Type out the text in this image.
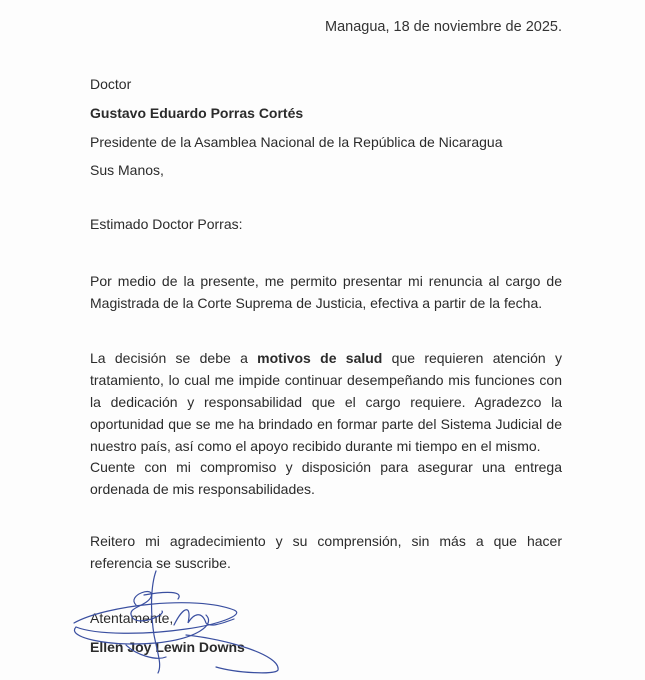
Managua, 18 de noviembre de 2025.
Doctor
Gustavo Eduardo Porras Cortés
Presidente de la Asamblea Nacional de la República de Nicaragua
Sus Manos,
Estimado Doctor Porras:
Por medio de la presente, me permito presentar mi renuncia al cargo de Magistrada de la Corte Suprema de Justicia, efectiva a partir de la fecha.
La decisión se debe a motivos de salud que requieren atención y tratamiento, lo cual me impide continuar desempeñando mis funciones con la dedicación y responsabilidad que el cargo requiere. Agradezco la oportunidad que se me ha brindado en formar parte del Sistema Judicial de nuestro país, así como el apoyo recibido durante mi tiempo en el mismo.
Cuente con mi compromiso y disposición para asegurar una entrega ordenada de mis responsabilidades.
Reitero mi agradecimiento y su comprensión, sin más a que hacer referencia se suscribe.
Atentamente,
Ellen Joy Lewin Downs
